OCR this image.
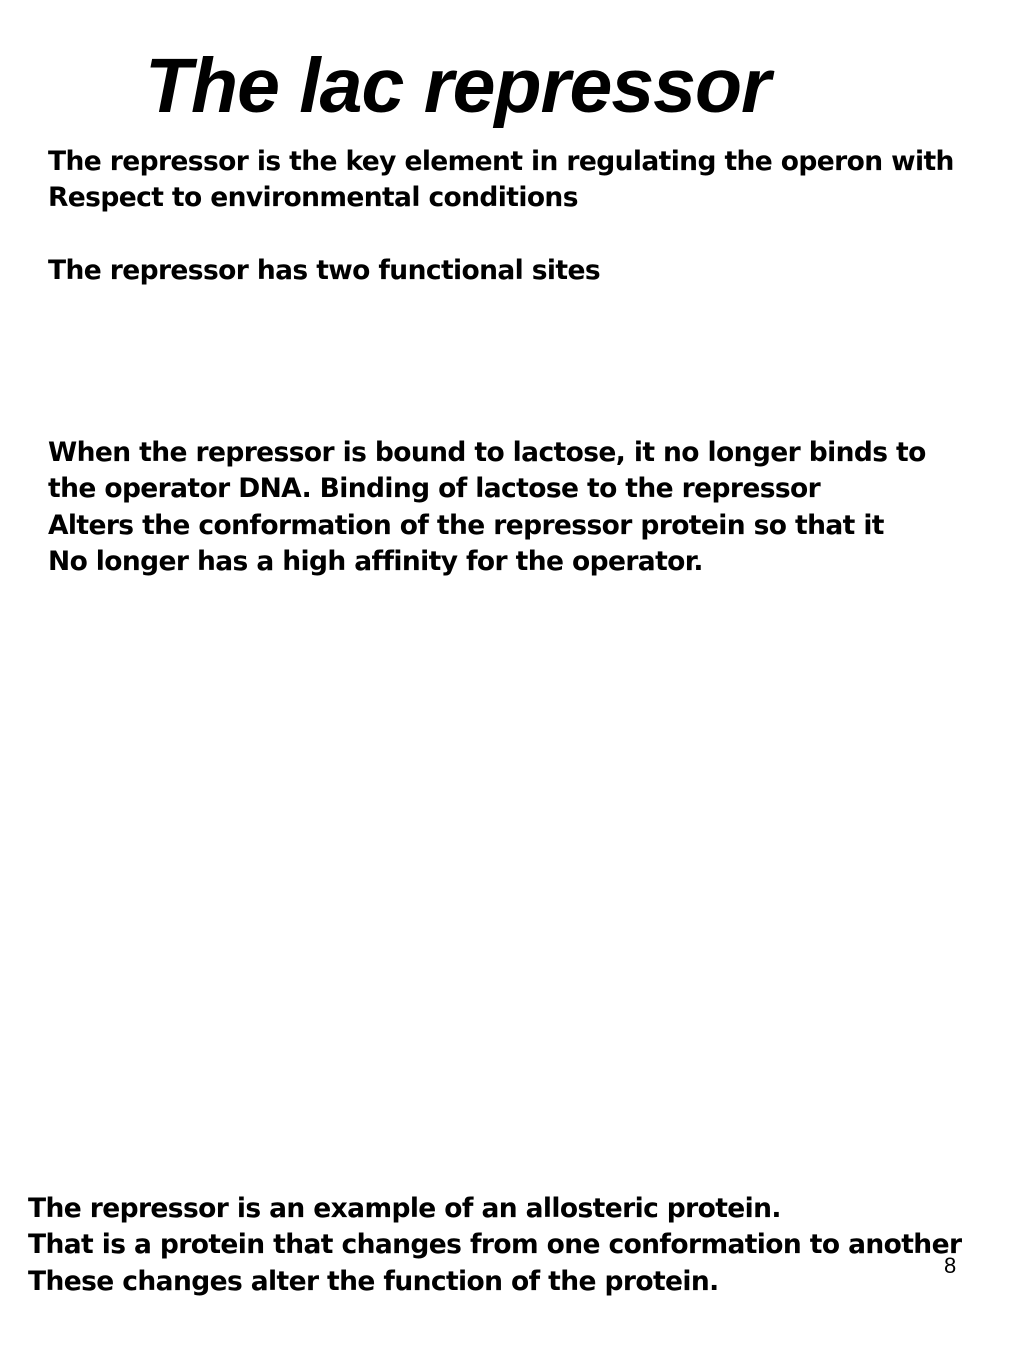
The lac repressor
The repressor is the key element in regulating the operon with
Respect to environmental conditions
The repressor has two functional sites
When the repressor is bound to lactose, it no longer binds to
the operator DNA. Binding of lactose to the repressor
Alters the conformation of the repressor protein so that it
No longer has a high affinity for the operator.
The repressor is an example of an allosteric protein.
That is a protein that changes from one conformation to another
These changes alter the function of the protein.
8
